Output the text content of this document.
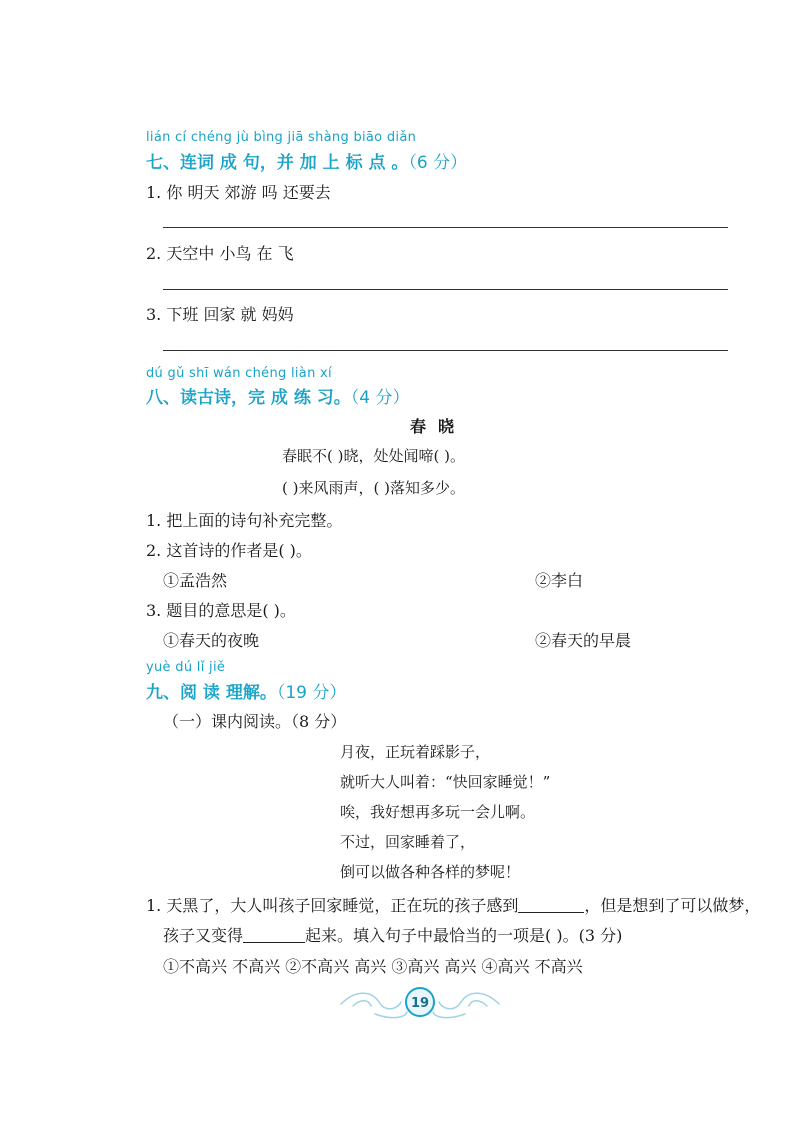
lián cí chéng jù bìng jiā shàng biāo diǎn
七、连词 成 句，并 加 上 标 点 。（6 分）
1. 你 明天 郊游 吗 还要去
2. 天空中 小鸟 在 飞
3. 下班 回家 就 妈妈
dú gǔ shī wán chéng liàn xí
八、读古诗，完 成 练 习。（4 分）
春晓
春眠不( )晓，处处闻啼( )。
( )来风雨声，( )落知多少。
1. 把上面的诗句补充完整。
2. 这首诗的作者是( )。
①孟浩然	②李白
3. 题目的意思是( )。
①春天的夜晚	②春天的早晨
yuè dú lǐ jiě
九、阅 读 理解。（19 分）
（一）课内阅读。（8 分）
月夜，正玩着踩影子，
就听大人叫着：“快回家睡觉！”
唉，我好想再多玩一会儿啊。
不过，回家睡着了，
倒可以做各种各样的梦呢！
1. 天黑了，大人叫孩子回家睡觉，正在玩的孩子感到	，但是想到了可以做梦，
孩子又变得	起来。填入句子中最恰当的一项是( )。(3 分)
①不高兴 不高兴 ②不高兴 高兴 ③高兴 高兴 ④高兴 不高兴
19
